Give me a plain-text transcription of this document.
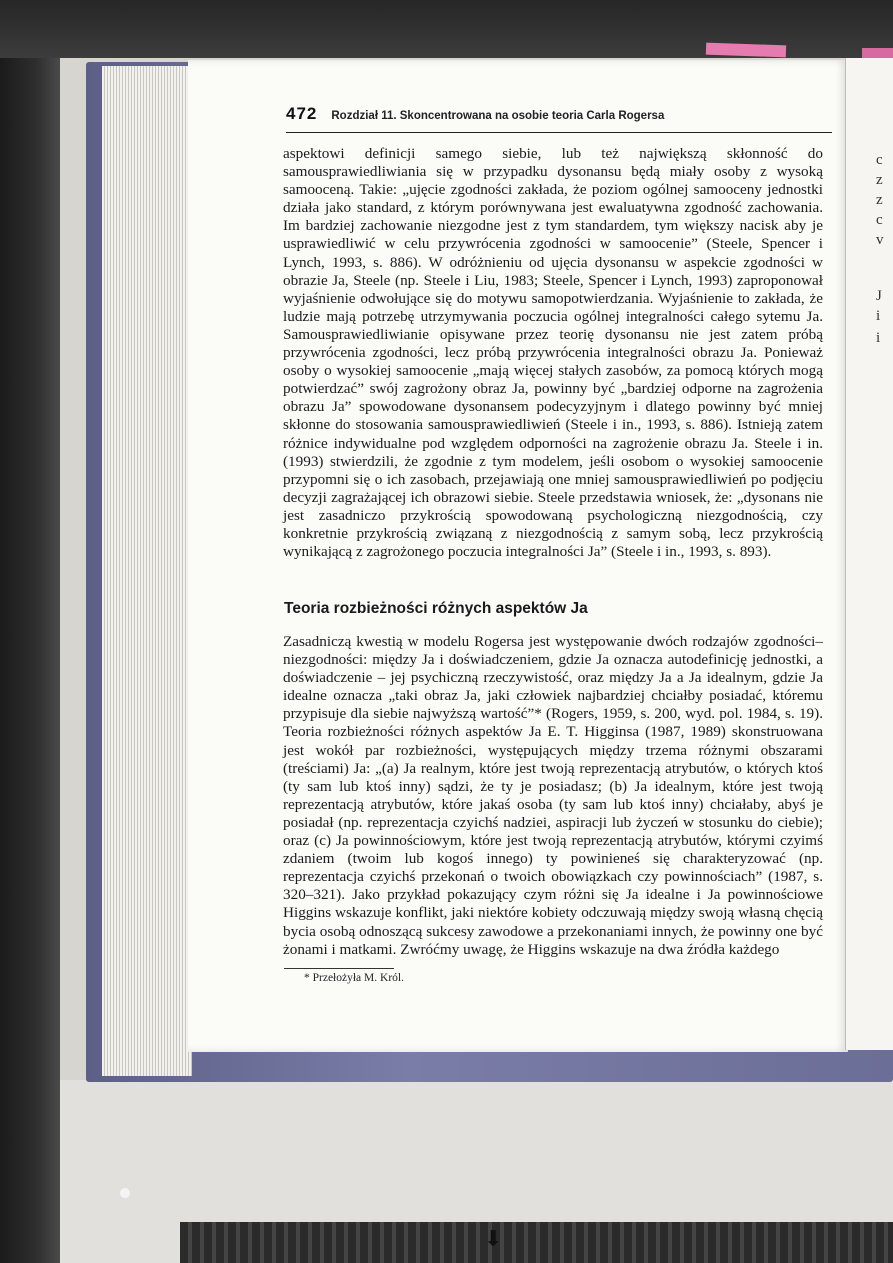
⬇
c
z
z
c
v
J
i
i
472 Rozdział 11. Skoncentrowana na osobie teoria Carla Rogersa

aspektowi definicji samego siebie, lub też największą skłonność do samousprawiedliwiania się w przypadku dysonansu będą miały osoby z wysoką samooceną. Takie: „ujęcie zgodności zakłada, że poziom ogólnej samooceny jednostki działa jako standard, z którym porównywana jest ewaluatywna zgodność zachowania. Im bardziej zachowanie niezgodne jest z tym standardem, tym większy nacisk aby je usprawiedliwić w celu przywrócenia zgodności w samoocenie” (Steele, Spencer i Lynch, 1993, s. 886). W odróżnieniu od ujęcia dysonansu w aspekcie zgodności w obrazie Ja, Steele (np. Steele i Liu, 1983; Steele, Spencer i Lynch, 1993) zaproponował wyjaśnienie odwołujące się do motywu samopotwierdzania. Wyjaśnienie to zakłada, że ludzie mają potrzebę utrzymywania poczucia ogólnej integralności całego sytemu Ja. Samousprawiedliwianie opisywane przez teorię dysonansu nie jest zatem próbą przywrócenia zgodności, lecz próbą przywrócenia integralności obrazu Ja. Ponieważ osoby o wysokiej samoocenie „mają więcej stałych zasobów, za pomocą których mogą potwierdzać” swój zagrożony obraz Ja, powinny być „bardziej odporne na zagrożenia obrazu Ja” spowodowane dysonansem podecyzyjnym i dlatego powinny być mniej skłonne do stosowania samousprawiedliwień (Steele i in., 1993, s. 886). Istnieją zatem różnice indywidualne pod względem odporności na zagrożenie obrazu Ja. Steele i in. (1993) stwierdzili, że zgodnie z tym modelem, jeśli osobom o wysokiej samoocenie przypomni się o ich zasobach, przejawiają one mniej samousprawiedliwień po podjęciu decyzji zagrażającej ich obrazowi siebie. Steele przedstawia wniosek, że: „dysonans nie jest zasadniczo przykrością spowodowaną psychologiczną niezgodnością, czy konkretnie przykrością związaną z niezgodnością z samym sobą, lecz przykrością wynikającą z zagrożonego poczucia integralności Ja” (Steele i in., 1993, s. 893).

Teoria rozbieżności różnych aspektów Ja

Zasadniczą kwestią w modelu Rogersa jest występowanie dwóch rodzajów zgodności–niezgodności: między Ja i doświadczeniem, gdzie Ja oznacza autodefinicję jednostki, a doświadczenie – jej psychiczną rzeczywistość, oraz między Ja a Ja idealnym, gdzie Ja idealne oznacza „taki obraz Ja, jaki człowiek najbardziej chciałby posiadać, któremu przypisuje dla siebie najwyższą wartość”* (Rogers, 1959, s. 200, wyd. pol. 1984, s. 19). Teoria rozbieżności różnych aspektów Ja E. T. Higginsa (1987, 1989) skonstruowana jest wokół par rozbieżności, występujących między trzema różnymi obszarami (treściami) Ja: „(a) Ja realnym, które jest twoją reprezentacją atrybutów, o których ktoś (ty sam lub ktoś inny) sądzi, że ty je posiadasz; (b) Ja idealnym, które jest twoją reprezentacją atrybutów, które jakaś osoba (ty sam lub ktoś inny) chciałaby, abyś je posiadał (np. reprezentacja czyichś nadziei, aspiracji lub życzeń w stosunku do ciebie); oraz (c) Ja powinnościowym, które jest twoją reprezentacją atrybutów, którymi czyimś zdaniem (twoim lub kogoś innego) ty powinieneś się charakteryzować (np. reprezentacja czyichś przekonań o twoich obowiązkach czy powinnościach” (1987, s. 320–321). Jako przykład pokazujący czym różni się Ja idealne i Ja powinnościowe Higgins wskazuje konflikt, jaki niektóre kobiety odczuwają między swoją własną chęcią bycia osobą odnoszącą sukcesy zawodowe a przekonaniami innych, że powinny one być żonami i matkami. Zwróćmy uwagę, że Higgins wskazuje na dwa źródła każdego

* Przełożyła M. Król.
